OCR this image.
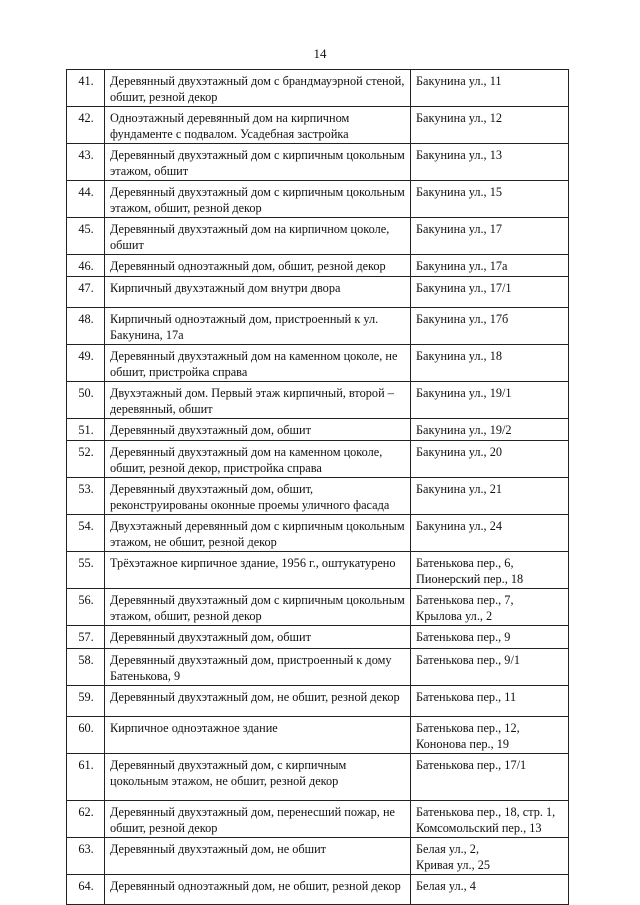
14
41.	Деревянный двухэтажный дом с брандмауэрной стеной, обшит, резной декор	Бакунина ул., 11

42.	Одноэтажный деревянный дом на кирпичном фундаменте с подвалом. Усадебная застройка	Бакунина ул., 12

43.	Деревянный двухэтажный дом с кирпичным цокольным этажом, обшит	Бакунина ул., 13

44.	Деревянный двухэтажный дом с кирпичным цокольным этажом, обшит, резной декор	Бакунина ул., 15

45.	Деревянный двухэтажный дом на кирпичном цоколе, обшит	Бакунина ул., 17

46.	Деревянный одноэтажный дом, обшит, резной декор	Бакунина ул., 17а

47.	Кирпичный двухэтажный дом внутри двора	Бакунина ул., 17/1

48.	Кирпичный одноэтажный дом, пристроенный к ул. Бакунина, 17а	Бакунина ул., 17б

49.	Деревянный двухэтажный дом на каменном цоколе, не обшит, пристройка справа	Бакунина ул., 18

50.	Двухэтажный дом. Первый этаж кирпичный, второй – деревянный, обшит	Бакунина ул., 19/1

51.	Деревянный двухэтажный дом, обшит	Бакунина ул., 19/2

52.	Деревянный двухэтажный дом на каменном цоколе, обшит, резной декор, пристройка справа	Бакунина ул., 20

53.	Деревянный двухэтажный дом, обшит, реконструированы оконные проемы уличного фасада	Бакунина ул., 21

54.	Двухэтажный деревянный дом с кирпичным цокольным этажом, не обшит, резной декор	Бакунина ул., 24

55.	Трёхэтажное кирпичное здание, 1956 г., оштукатурено	Батенькова пер., 6,
Пионерский пер., 18

56.	Деревянный двухэтажный дом с кирпичным цокольным этажом, обшит, резной декор	Батенькова пер., 7,
Крылова ул., 2

57.	Деревянный двухэтажный дом, обшит	Батенькова пер., 9

58.	Деревянный двухэтажный дом, пристроенный к дому Батенькова, 9	Батенькова пер., 9/1

59.	Деревянный двухэтажный дом, не обшит, резной декор	Батенькова пер., 11

60.	Кирпичное одноэтажное здание	Батенькова пер., 12,
Кононова пер., 19

61.	Деревянный двухэтажный дом, с кирпичным цокольным этажом, не обшит, резной декор	Батенькова пер., 17/1

62.	Деревянный двухэтажный дом, перенесший пожар, не обшит, резной декор	Батенькова пер., 18, стр. 1,
Комсомольский пер., 13

63.	Деревянный двухэтажный дом, не обшит	Белая ул., 2,
Кривая ул., 25

64.	Деревянный одноэтажный дом, не обшит, резной декор	Белая ул., 4
